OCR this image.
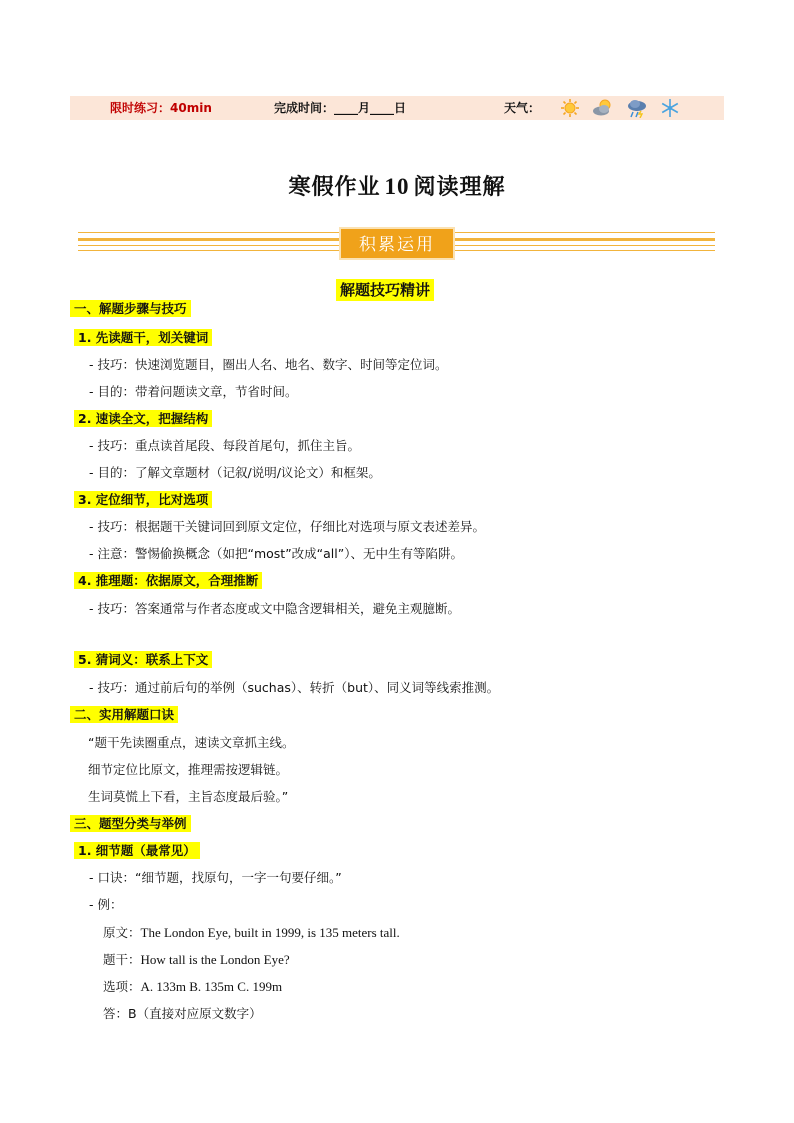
限时练习：40min	完成时间：____月____日	天气：
寒假作业 10 阅读理解
积累运用
解题技巧精讲
一、解题步骤与技巧
1. 先读题干，划关键词
- 技巧：快速浏览题目，圈出人名、地名、数字、时间等定位词。
- 目的：带着问题读文章，节省时间。
2. 速读全文，把握结构
- 技巧：重点读首尾段、每段首尾句，抓住主旨。
- 目的：了解文章题材（记叙/说明/议论文）和框架。
3. 定位细节，比对选项
- 技巧：根据题干关键词回到原文定位，仔细比对选项与原文表述差异。
- 注意：警惕偷换概念（如把“most”改成“all”）、无中生有等陷阱。
4. 推理题：依据原文，合理推断
- 技巧：答案通常与作者态度或文中隐含逻辑相关，避免主观臆断。
5. 猜词义：联系上下文
- 技巧：通过前后句的举例（suchas）、转折（but）、同义词等线索推测。
二、实用解题口诀
“题干先读圈重点，速读文章抓主线。
细节定位比原文，推理需按逻辑链。
生词莫慌上下看，主旨态度最后验。”
三、题型分类与举例
1. 细节题（最常见）
- 口诀：“细节题，找原句，一字一句要仔细。”
- 例：
原文：The London Eye, built in 1999, is 135 meters tall.
题干：How tall is the London Eye?
选项：A. 133m B. 135m C. 199m
答：B（直接对应原文数字）
